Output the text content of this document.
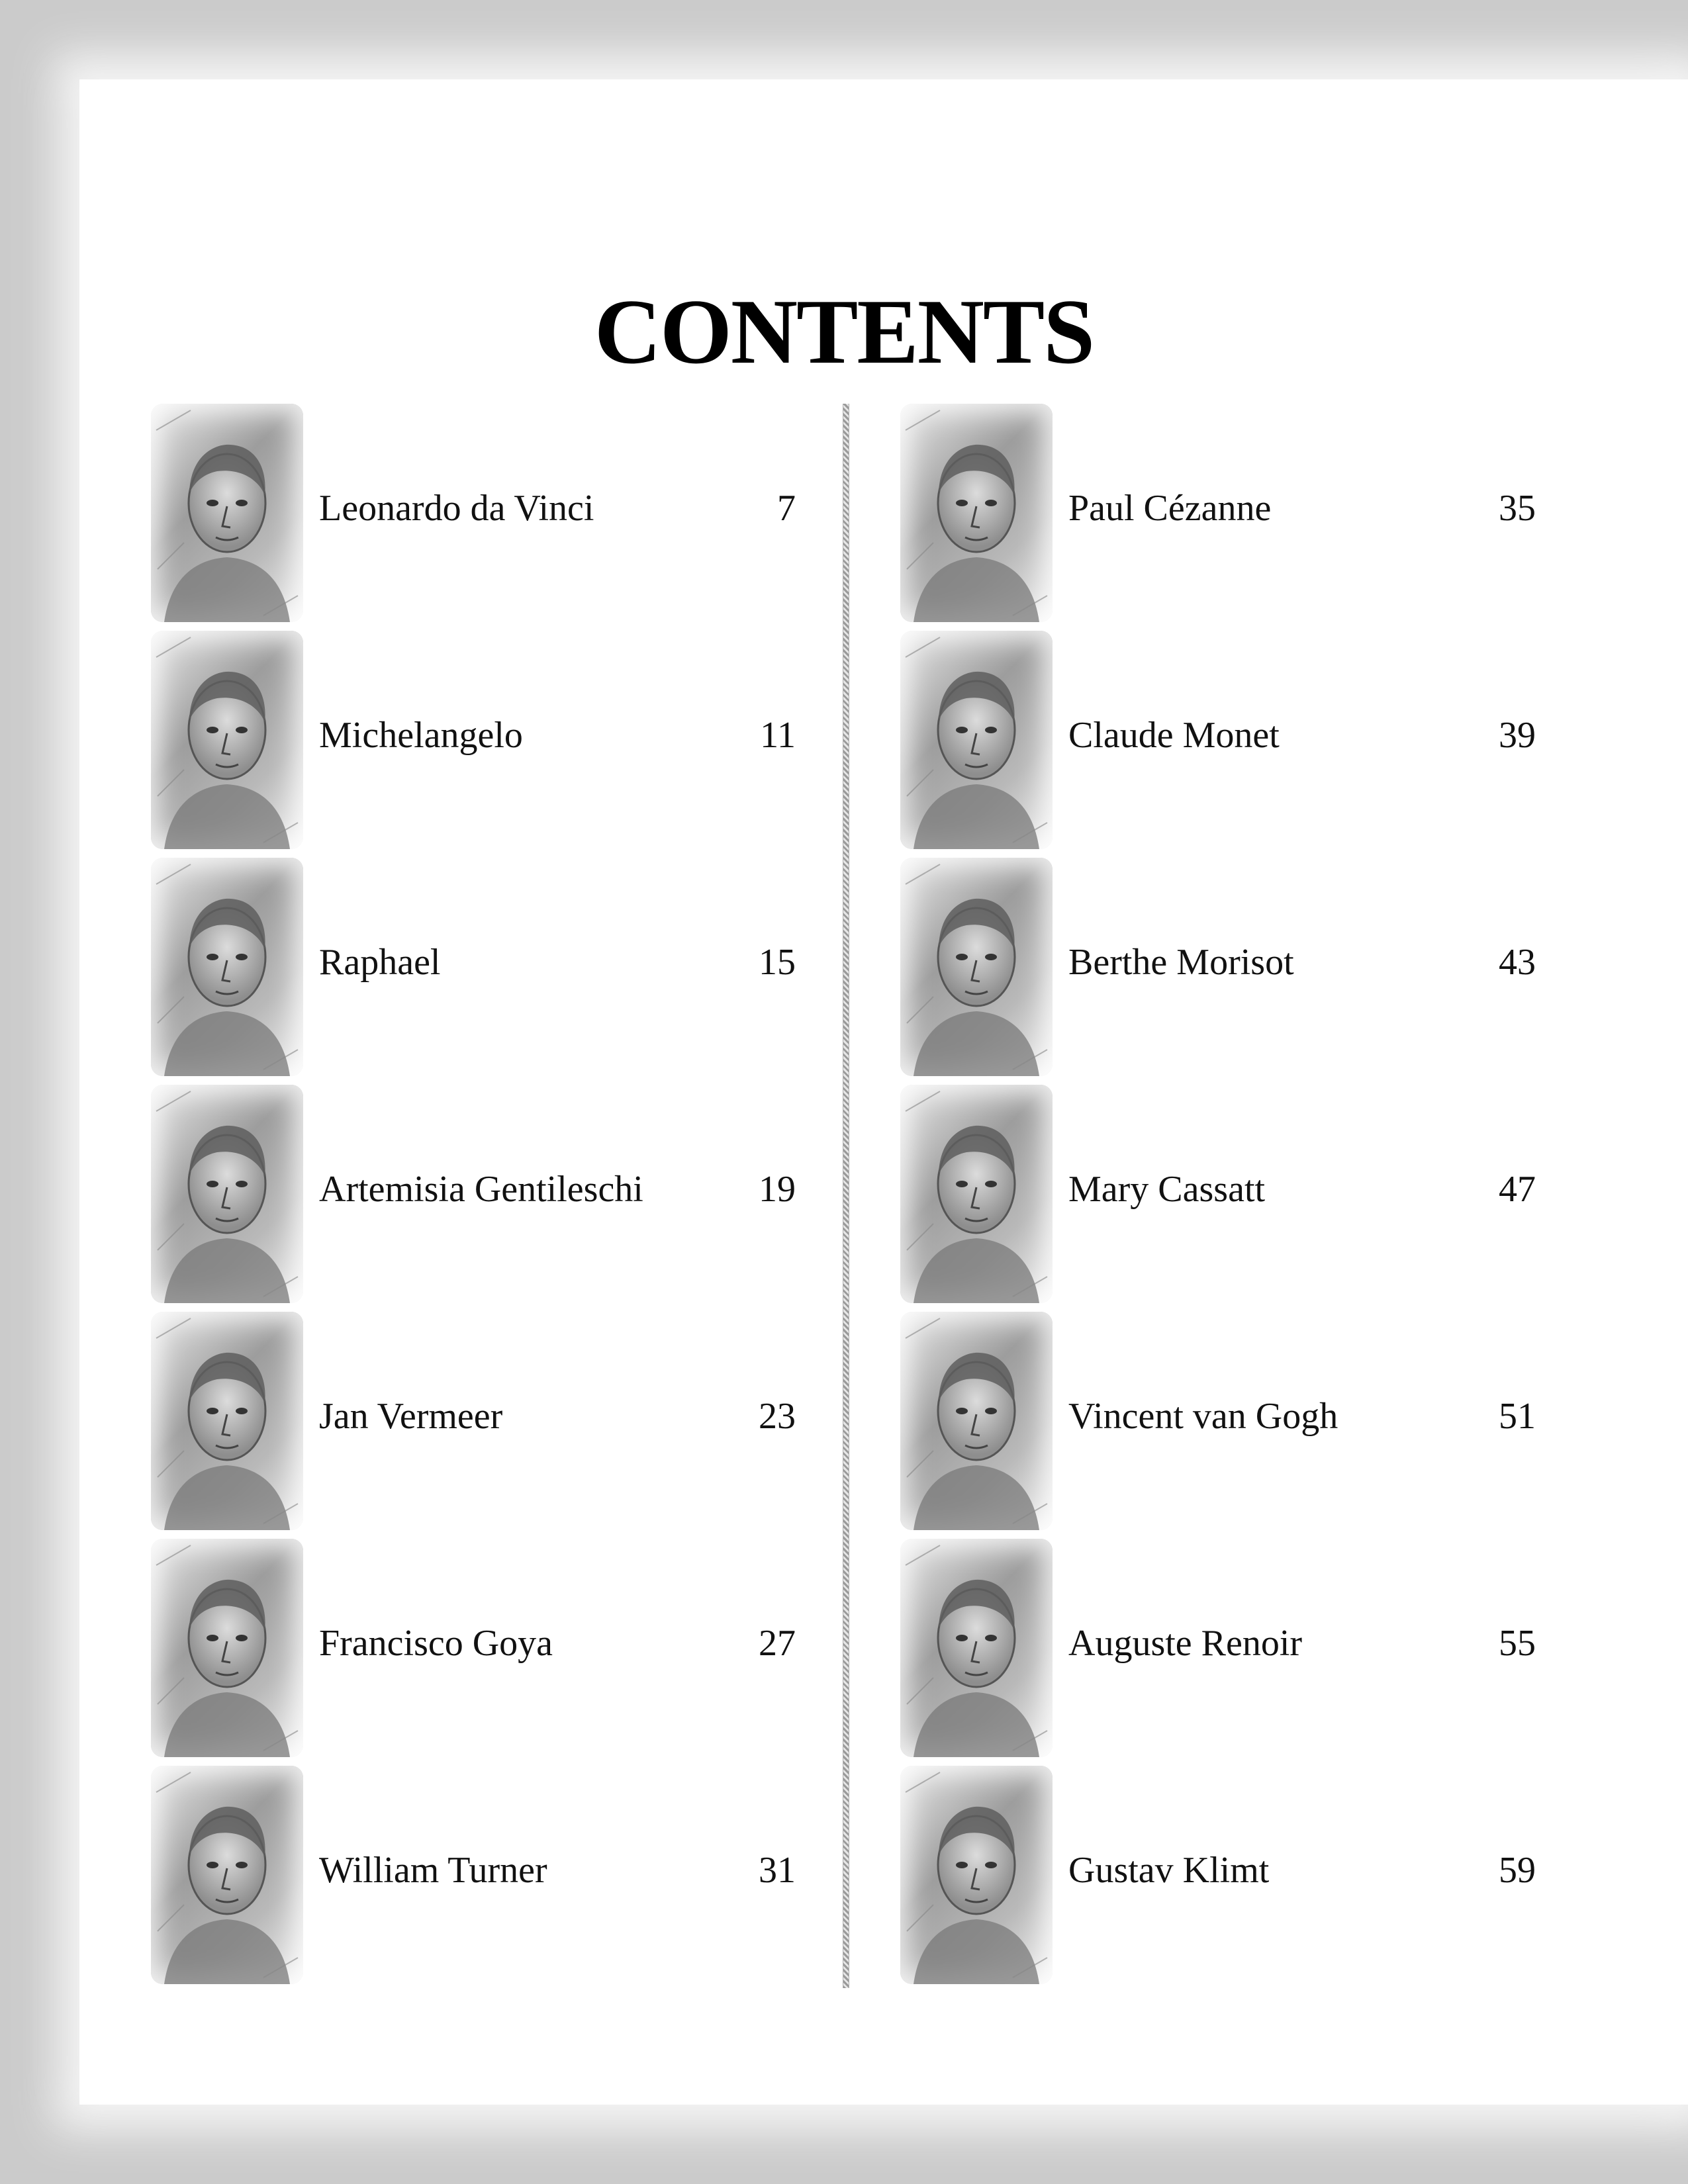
CONTENTS
Leonardo da Vinci	7
Michelangelo	11
Raphael	15
Artemisia Gentileschi	19
Jan Vermeer	23
Francisco Goya	27
William Turner	31
Paul Cézanne	35
Claude Monet	39
Berthe Morisot	43
Mary Cassatt	47
Vincent van Gogh	51
Auguste Renoir	55
Gustav Klimt	59
